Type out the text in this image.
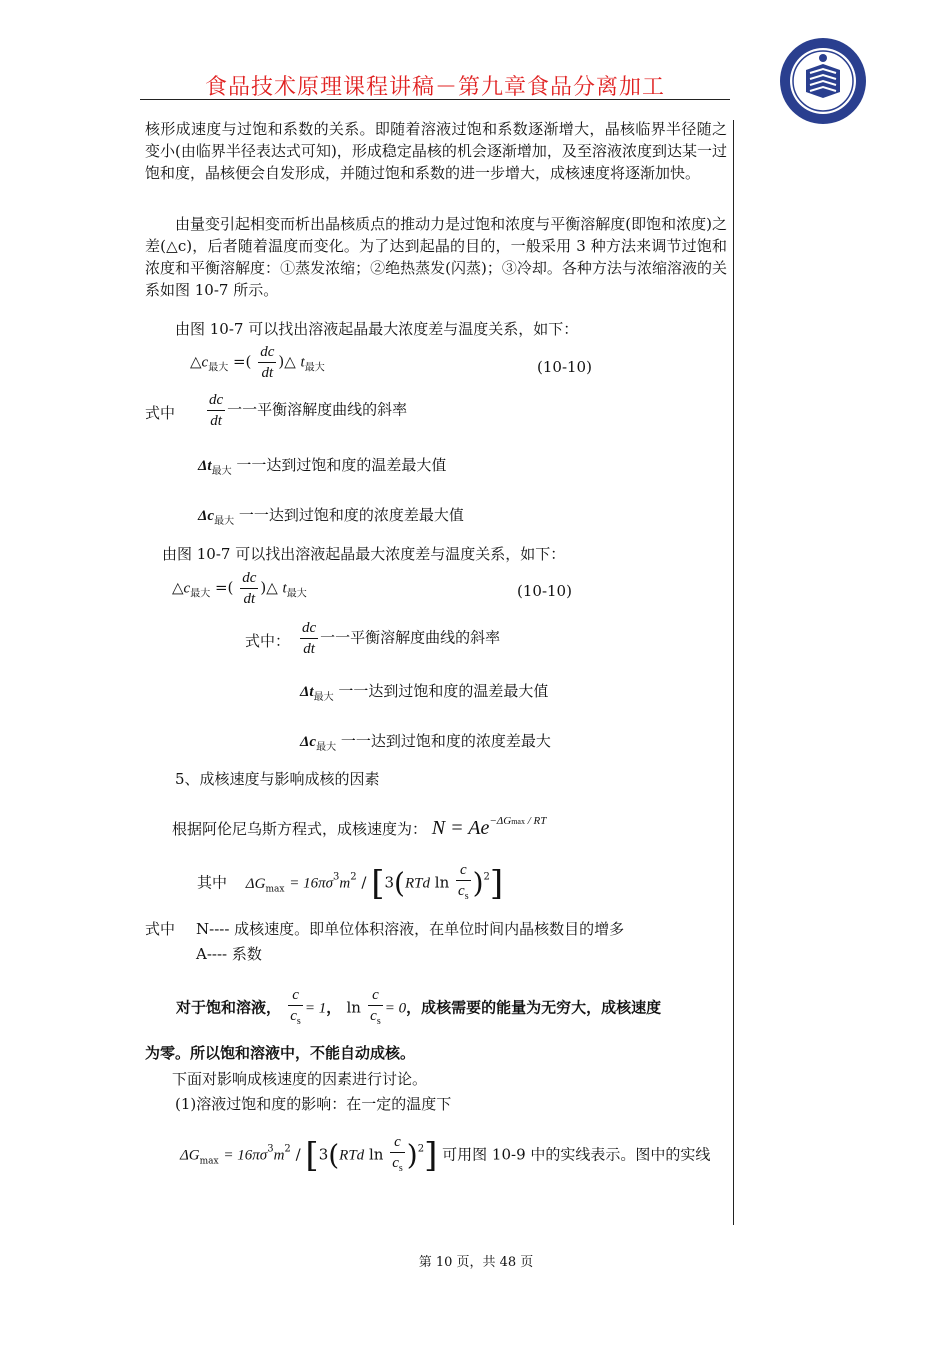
食品技术原理课程讲稿－第九章食品分离加工
核形成速度与过饱和系数的关系。即随着溶液过饱和系数逐渐增大，晶核临界半径随之变小(由临界半径表达式可知)，形成稳定晶核的机会逐渐增加，及至溶液浓度到达某一过饱和度，晶核便会自发形成，并随过饱和系数的进一步增大，成核速度将逐渐加快。
由量变引起相变而析出晶核质点的推动力是过饱和浓度与平衡溶解度(即饱和浓度)之差(△c)，后者随着温度而变化。为了达到起晶的目的，一般采用 3 种方法来调节过饱和浓度和平衡溶解度：①蒸发浓缩；②绝热蒸发(闪蒸)；③冷却。各种方法与浓缩溶液的关系如图 10-7 所示。
由图 10-7 可以找出溶液起晶最大浓度差与温度关系，如下：
$\triangle c_{最大}$ =( $\frac{dc}{dt}$ )△ $t_{最大}$	(10-10)
式中 $\frac{dc}{dt}$ 一一平衡溶解度曲线的斜率
$\Delta t_{最大}$ 一一达到过饱和度的温差最大值
$\Delta c_{最大}$ 一一达到过饱和度的浓度差最大值
由图 10-7 可以找出溶液起晶最大浓度差与温度关系，如下：
$\triangle c_{最大}$ =( $\frac{dc}{dt}$ )△ $t_{最大}$	(10-10)
式中： $\frac{dc}{dt}$ 一一平衡溶解度曲线的斜率
$\Delta t_{最大}$ 一一达到过饱和度的温差最大值
$\Delta c_{最大}$ 一一达到过饱和度的浓度差最大
5、成核速度与影响成核的因素
根据阿伦尼乌斯方程式，成核速度为： $N = Ae^{-\Delta Gmax / RT}$
其中 $\Delta G_{max} = 16\pi\sigma^3m^2 / [3(RTd$ $\ln \frac{c}{c_s} )^2$]
式中 N---- 成核速度。即单位体积溶液，在单位时间内晶核数目的增多
A---- 系数
对于饱和溶液， $\frac{c}{c_s} = 1$， $\ln \frac{c}{c_s} = 0$，成核需要的能量为无穷大，成核速度
为零。所以饱和溶液中，不能自动成核。
下面对影响成核速度的因素进行讨论。
(1)溶液过饱和度的影响：在一定的温度下
$\Delta G_{max} = 16\pi\sigma^3m^2 / [3(RTd$ $\ln \frac{c}{c_s} )^2$] 可用图 10-9 中的实线表示。图中的实线
第 10 页，共 48 页
